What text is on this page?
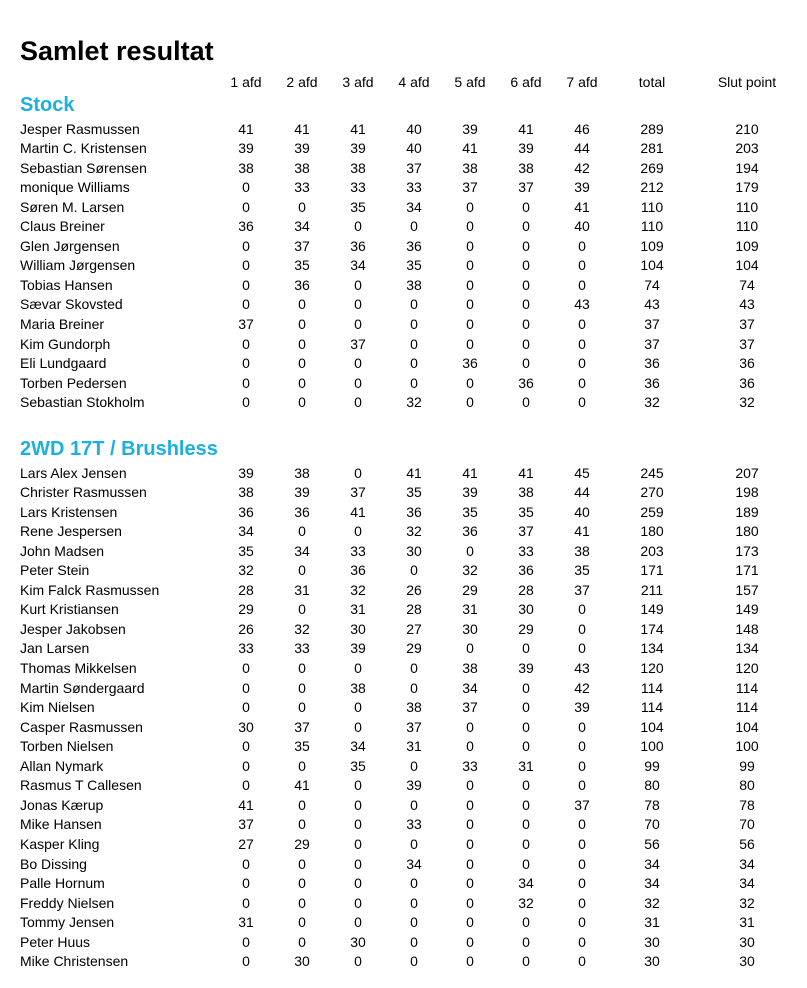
Samlet resultat
1 afd	2 afd	3 afd	4 afd	5 afd	6 afd	7 afd	total	Slut point
Stock
Jesper Rasmussen	41	41	41	40	39	41	46	289	210
Martin C. Kristensen	39	39	39	40	41	39	44	281	203
Sebastian Sørensen	38	38	38	37	38	38	42	269	194
monique Williams	0	33	33	33	37	37	39	212	179
Søren M. Larsen	0	0	35	34	0	0	41	110	110
Claus Breiner	36	34	0	0	0	0	40	110	110
Glen Jørgensen	0	37	36	36	0	0	0	109	109
William Jørgensen	0	35	34	35	0	0	0	104	104
Tobias Hansen	0	36	0	38	0	0	0	74	74
Sævar Skovsted	0	0	0	0	0	0	43	43	43
Maria Breiner	37	0	0	0	0	0	0	37	37
Kim Gundorph	0	0	37	0	0	0	0	37	37
Eli Lundgaard	0	0	0	0	36	0	0	36	36
Torben Pedersen	0	0	0	0	0	36	0	36	36
Sebastian Stokholm	0	0	0	32	0	0	0	32	32
2WD 17T / Brushless
Lars Alex Jensen	39	38	0	41	41	41	45	245	207
Christer Rasmussen	38	39	37	35	39	38	44	270	198
Lars Kristensen	36	36	41	36	35	35	40	259	189
Rene Jespersen	34	0	0	32	36	37	41	180	180
John Madsen	35	34	33	30	0	33	38	203	173
Peter Stein	32	0	36	0	32	36	35	171	171
Kim Falck Rasmussen	28	31	32	26	29	28	37	211	157
Kurt Kristiansen	29	0	31	28	31	30	0	149	149
Jesper Jakobsen	26	32	30	27	30	29	0	174	148
Jan Larsen	33	33	39	29	0	0	0	134	134
Thomas Mikkelsen	0	0	0	0	38	39	43	120	120
Martin Søndergaard	0	0	38	0	34	0	42	114	114
Kim Nielsen	0	0	0	38	37	0	39	114	114
Casper Rasmussen	30	37	0	37	0	0	0	104	104
Torben Nielsen	0	35	34	31	0	0	0	100	100
Allan Nymark	0	0	35	0	33	31	0	99	99
Rasmus T Callesen	0	41	0	39	0	0	0	80	80
Jonas Kærup	41	0	0	0	0	0	37	78	78
Mike Hansen	37	0	0	33	0	0	0	70	70
Kasper Kling	27	29	0	0	0	0	0	56	56
Bo Dissing	0	0	0	34	0	0	0	34	34
Palle Hornum	0	0	0	0	0	34	0	34	34
Freddy Nielsen	0	0	0	0	0	32	0	32	32
Tommy Jensen	31	0	0	0	0	0	0	31	31
Peter Huus	0	0	30	0	0	0	0	30	30
Mike Christensen	0	30	0	0	0	0	0	30	30
